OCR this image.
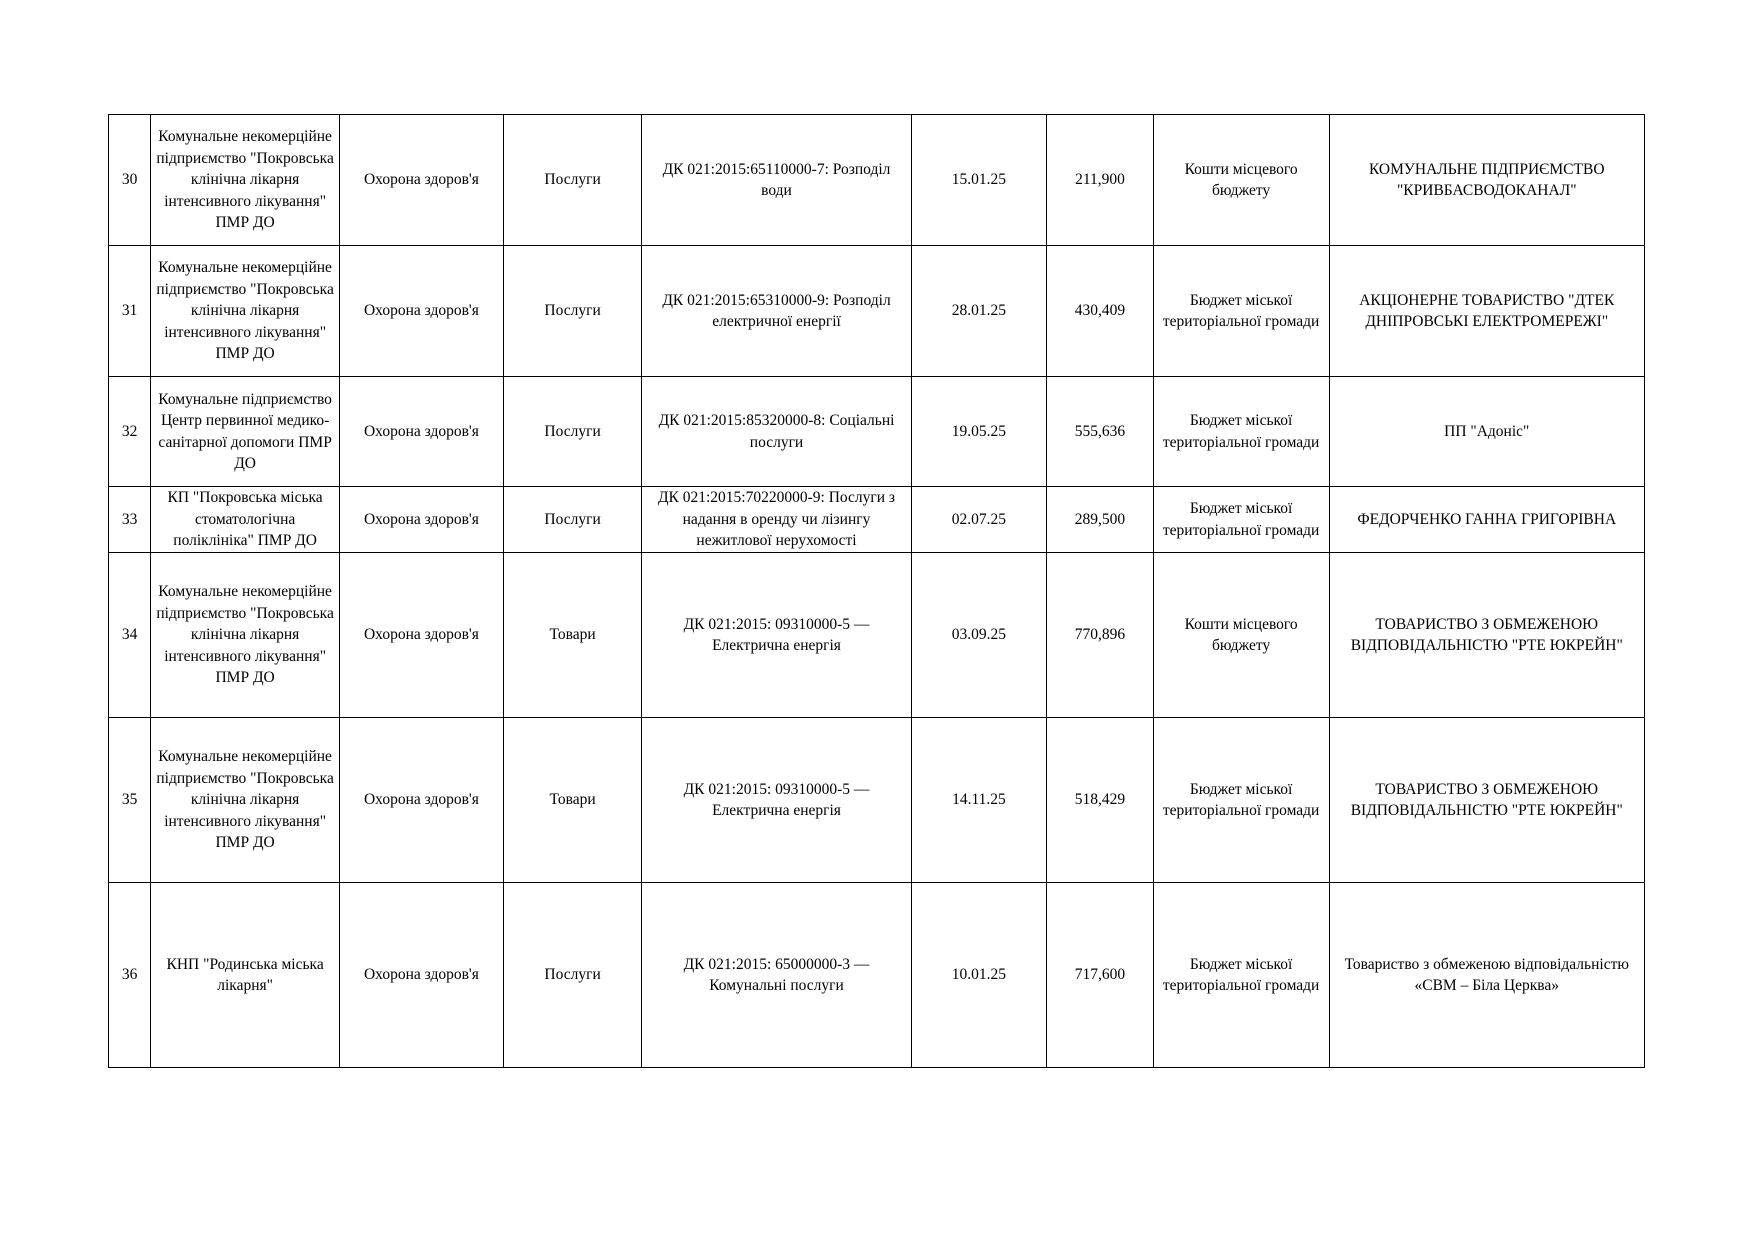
30	Комунальне некомерційне підприємство "Покровська клінічна лікарня інтенсивного лікування" ПМР ДО	Охорона здоров'я	Послуги	ДК 021:2015:65110000-7: Розподіл води	15.01.25	211,900	Кошти місцевого бюджету	КОМУНАЛЬНЕ ПІДПРИЄМСТВО "КРИВБАСВОДОКАНАЛ"
31	Комунальне некомерційне підприємство "Покровська клінічна лікарня інтенсивного лікування" ПМР ДО	Охорона здоров'я	Послуги	ДК 021:2015:65310000-9: Розподіл електричної енергії	28.01.25	430,409	Бюджет міської територіальної громади	АКЦІОНЕРНЕ ТОВАРИСТВО "ДТЕК ДНІПРОВСЬКІ ЕЛЕКТРОМЕРЕЖІ"
32	Комунальне підприємство Центр первинної медико-санітарної допомоги ПМР ДО	Охорона здоров'я	Послуги	ДК 021:2015:85320000-8: Соціальні послуги	19.05.25	555,636	Бюджет міської територіальної громади	ПП "Адоніс"
33	КП "Покровська міська стоматологічна поліклініка" ПМР ДО	Охорона здоров'я	Послуги	ДК 021:2015:70220000-9: Послуги з надання в оренду чи лізингу нежитлової нерухомості	02.07.25	289,500	Бюджет міської територіальної громади	ФЕДОРЧЕНКО ГАННА ГРИГОРІВНА
34	Комунальне некомерційне підприємство "Покровська клінічна лікарня інтенсивного лікування" ПМР ДО	Охорона здоров'я	Товари	ДК 021:2015: 09310000-5 — Електрична енергія	03.09.25	770,896	Кошти місцевого бюджету	ТОВАРИСТВО З ОБМЕЖЕНОЮ ВІДПОВІДАЛЬНІСТЮ "РТЕ ЮКРЕЙН"
35	Комунальне некомерційне підприємство "Покровська клінічна лікарня інтенсивного лікування" ПМР ДО	Охорона здоров'я	Товари	ДК 021:2015: 09310000-5 — Електрична енергія	14.11.25	518,429	Бюджет міської територіальної громади	ТОВАРИСТВО З ОБМЕЖЕНОЮ ВІДПОВІДАЛЬНІСТЮ "РТЕ ЮКРЕЙН"
36	КНП "Родинська міська лікарня"	Охорона здоров'я	Послуги	ДК 021:2015: 65000000-3 — Комунальні послуги	10.01.25	717,600	Бюджет міської територіальної громади	Товариство з обмеженою відповідальністю «СВМ – Біла Церква»
